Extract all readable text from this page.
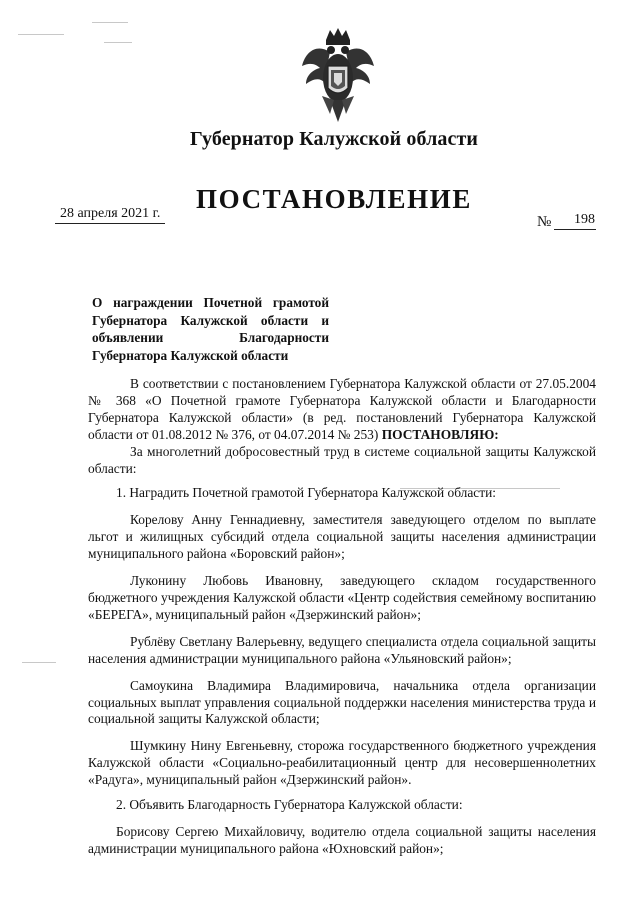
Губернатор Калужской области
ПОСТАНОВЛЕНИЕ
28 апреля 2021 г.
№ 198
О награждении Почетной грамотой Губернатора Калужской области и объявлении Благодарности Губернатора Калужской области

В соответствии с постановлением Губернатора Калужской области от 27.05.2004 № 368 «О Почетной грамоте Губернатора Калужской области и Благодарности Губернатора Калужской области» (в ред. постановлений Губернатора Калужской области от 01.08.2012 № 376, от 04.07.2014 № 253) ПОСТАНОВЛЯЮ:

За многолетний добросовестный труд в системе социальной защиты Калужской области:

1. Наградить Почетной грамотой Губернатора Калужской области:

Корелову Анну Геннадиевну, заместителя заведующего отделом по выплате льгот и жилищных субсидий отдела социальной защиты населения администрации муниципального района «Боровский район»;

Луконину Любовь Ивановну, заведующего складом государственного бюджетного учреждения Калужской области «Центр содействия семейному воспитанию «БЕРЕГА», муниципальный район «Дзержинский район»;

Рублёву Светлану Валерьевну, ведущего специалиста отдела социальной защиты населения администрации муниципального района «Ульяновский район»;

Самоукина Владимира Владимировича, начальника отдела организации социальных выплат управления социальной поддержки населения министерства труда и социальной защиты Калужской области;

Шумкину Нину Евгеньевну, сторожа государственного бюджетного учреждения Калужской области «Социально-реабилитационный центр для несовершеннолетних «Радуга», муниципальный район «Дзержинский район».

2. Объявить Благодарность Губернатора Калужской области:

Борисову Сергею Михайловичу, водителю отдела социальной защиты населения администрации муниципального района «Юхновский район»;
